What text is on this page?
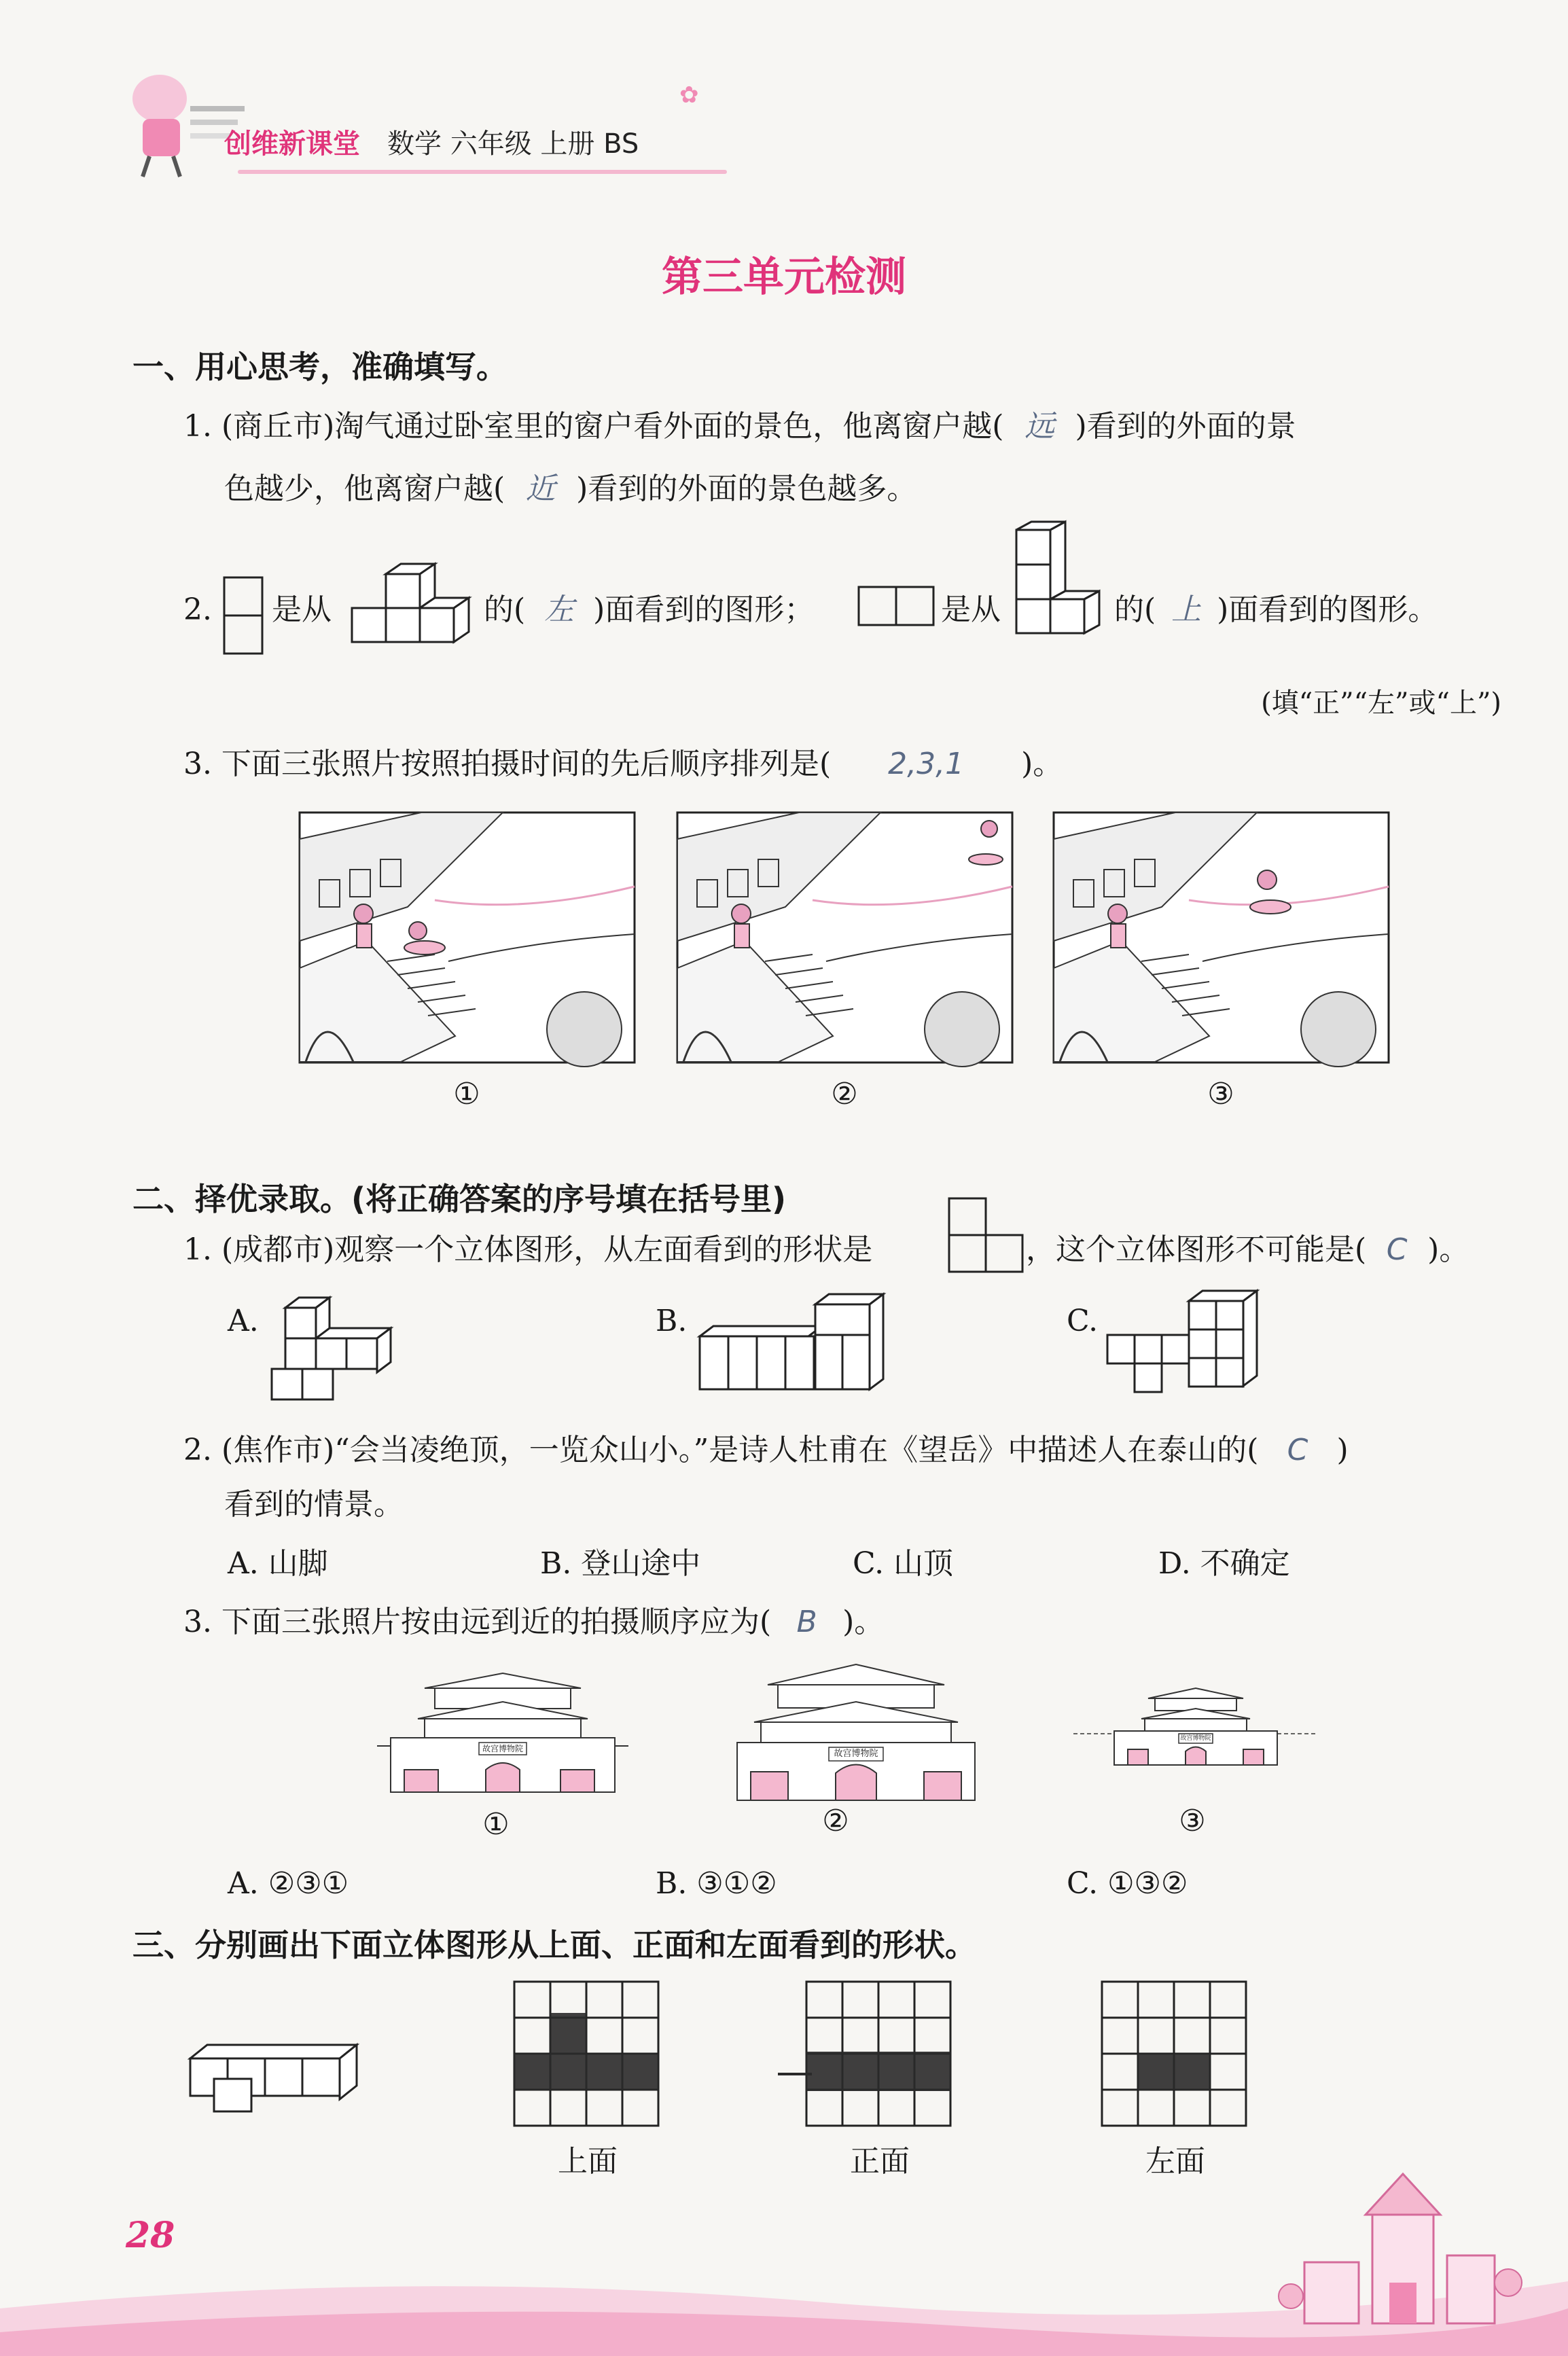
创维新课堂 数学 六年级 上册 BS
✿
第三单元检测
一、用心思考，准确填写。
1. (商丘市)淘气通过卧室里的窗户看外面的景色，他离窗户越( 远 )看到的外面的景
色越少，他离窗户越( 近 )看到的外面的景色越多。
2. 是从	的( 左 )面看到的图形；	是从	的( 上 )面看到的图形。
(填“正”“左”或“上”)
3. 下面三张照片按照拍摄时间的先后顺序排列是( 2,3,1 )。
①	②	③
二、择优录取。(将正确答案的序号填在括号里)
1. (成都市)观察一个立体图形，从左面看到的形状是	，这个立体图形不可能是( C )。
A.	B.	C.
2. (焦作市)“会当凌绝顶，一览众山小。”是诗人杜甫在《望岳》中描述人在泰山的( C )
看到的情景。
A. 山脚	B. 登山途中	C. 山顶	D. 不确定
3. 下面三张照片按由远到近的拍摄顺序应为( B )。
故宫博物院	故宫博物院
故宫博物院
①	②	③
A. ②③①	B. ③①②	C. ①③②
三、分别画出下面立体图形从上面、正面和左面看到的形状。
上面	正面	左面
28
